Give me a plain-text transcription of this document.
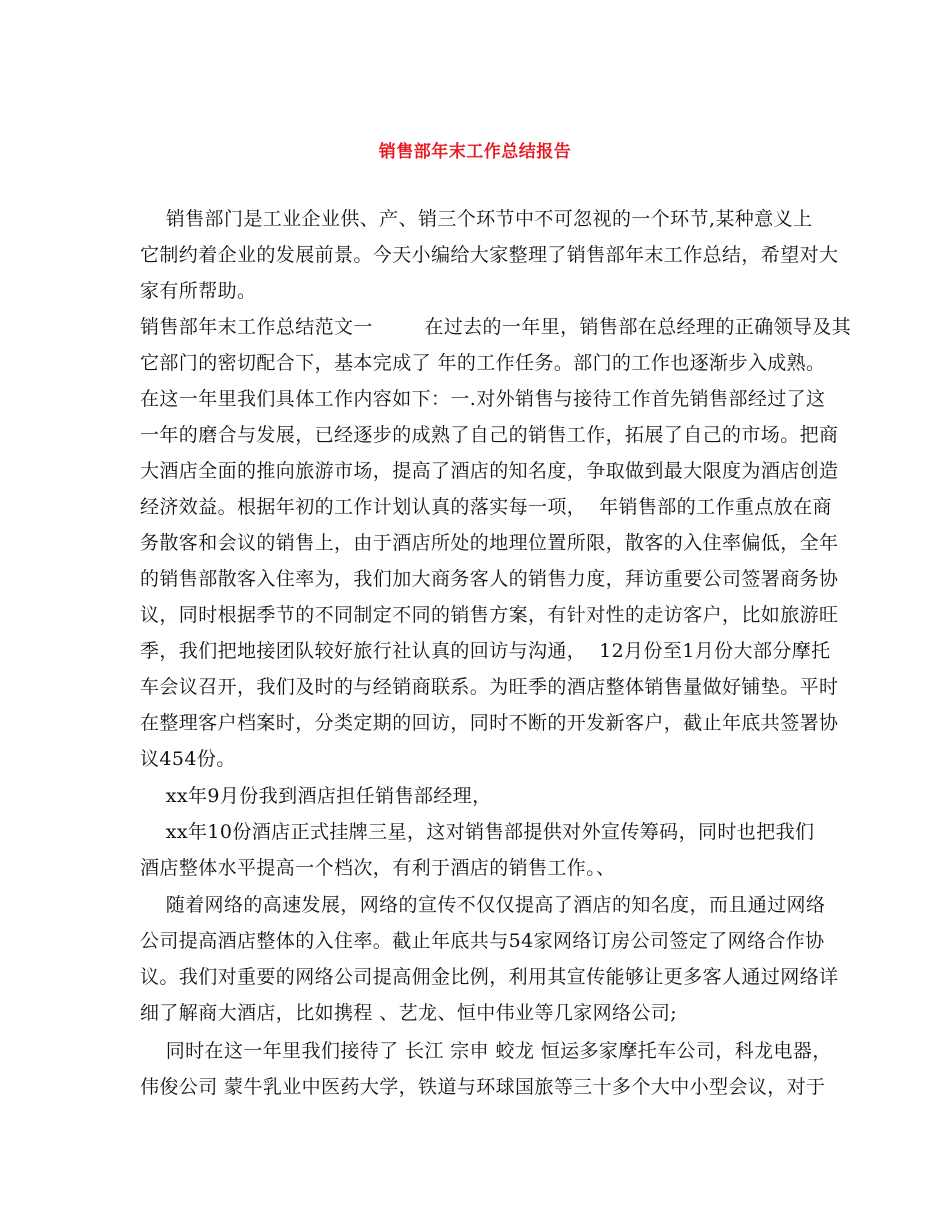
销售部年末工作总结报告
销售部门是工业企业供、产、销三个环节中不可忽视的一个环节,某种意义上
它制约着企业的发展前景。今天小编给大家整理了销售部年末工作总结，希望对大
家有所帮助。
销售部年末工作总结范文一        在过去的一年里，销售部在总经理的正确领导及其
它部门的密切配合下，基本完成了 年的工作任务。部门的工作也逐渐步入成熟。
在这一年里我们具体工作内容如下：一.对外销售与接待工作首先销售部经过了这
一年的磨合与发展，已经逐步的成熟了自己的销售工作，拓展了自己的市场。把商
大酒店全面的推向旅游市场，提高了酒店的知名度，争取做到最大限度为酒店创造
经济效益。根据年初的工作计划认真的落实每一项，  年销售部的工作重点放在商
务散客和会议的销售上，由于酒店所处的地理位置所限，散客的入住率偏低，全年
的销售部散客入住率为，我们加大商务客人的销售力度，拜访重要公司签署商务协
议，同时根据季节的不同制定不同的销售方案，有针对性的走访客户，比如旅游旺
季，我们把地接团队较好旅行社认真的回访与沟通，  12月份至1月份大部分摩托
车会议召开，我们及时的与经销商联系。为旺季的酒店整体销售量做好铺垫。平时
在整理客户档案时，分类定期的回访，同时不断的开发新客户，截止年底共签署协
议454份。
xx年9月份我到酒店担任销售部经理，
xx年10份酒店正式挂牌三星，这对销售部提供对外宣传筹码，同时也把我们
酒店整体水平提高一个档次，有利于酒店的销售工作。、
随着网络的高速发展，网络的宣传不仅仅提高了酒店的知名度，而且通过网络
公司提高酒店整体的入住率。截止年底共与54家网络订房公司签定了网络合作协
议。我们对重要的网络公司提高佣金比例，利用其宣传能够让更多客人通过网络详
细了解商大酒店，比如携程 、艺龙、恒中伟业等几家网络公司;
同时在这一年里我们接待了 长江 宗申 蛟龙 恒运多家摩托车公司，科龙电器，
伟俊公司 蒙牛乳业中医药大学，铁道与环球国旅等三十多个大中小型会议，对于
